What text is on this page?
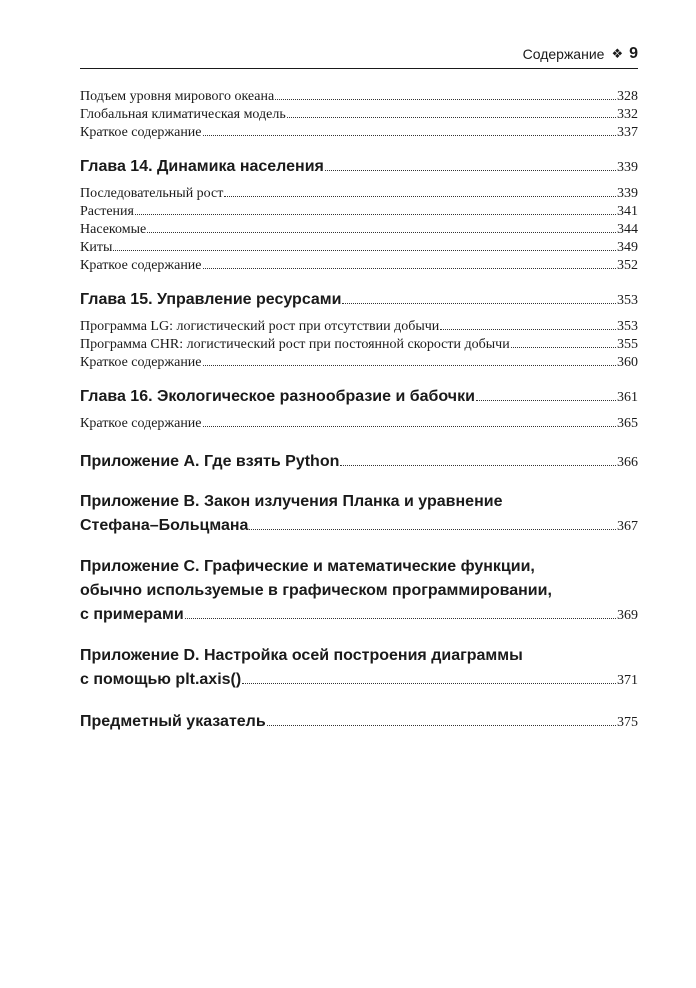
Содержание ❖ 9
Подъем уровня мирового океана	328
Глобальная климатическая модель	332
Краткое содержание	337
Глава 14. Динамика населения	339
Последовательный рост	339
Растения	341
Насекомые	344
Киты	349
Краткое содержание	352
Глава 15. Управление ресурсами	353
Программа LG: логистический рост при отсутствии добычи	353
Программа CHR: логистический рост при постоянной скорости добычи	355
Краткое содержание	360
Глава 16. Экологическое разнообразие и бабочки	361
Краткое содержание	365
Приложение A. Где взять Python	366
Приложение B. Закон излучения Планка и уравнение
Стефана–Больцмана	367
Приложение C. Графические и математические функции,
обычно используемые в графическом программировании,
с примерами	369
Приложение D. Настройка осей построения диаграммы
с помощью plt.axis()	371
Предметный указатель	375
